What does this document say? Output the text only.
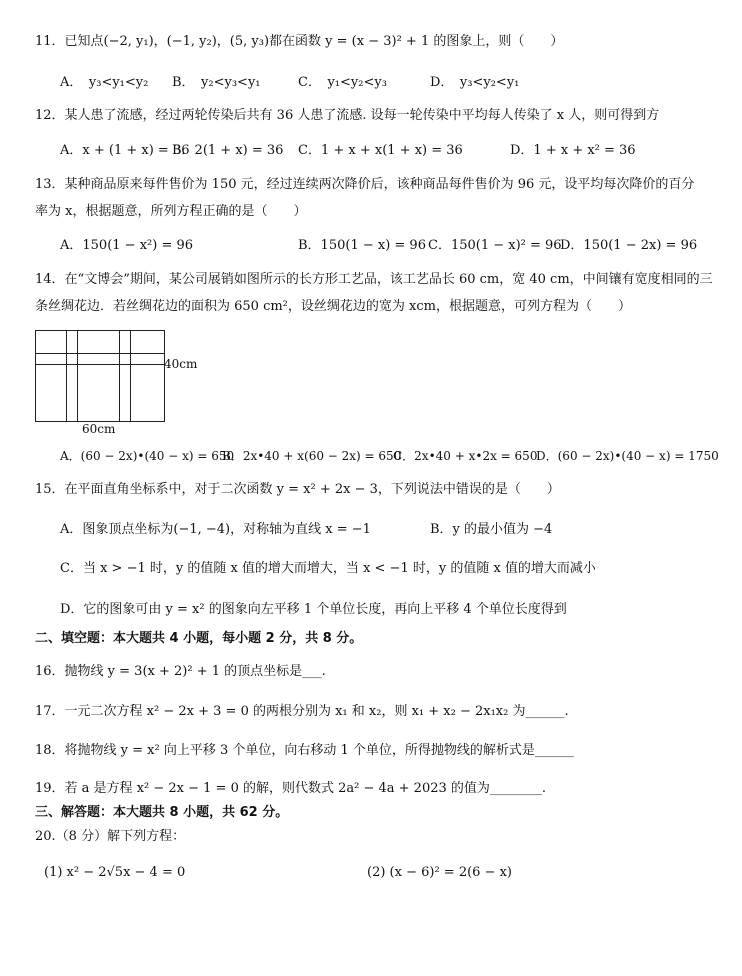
11．已知点(−2, y₁)，(−1, y₂)，(5, y₃)都在函数 y = (x − 3)² + 1 的图象上，则（　　）
A．　y₃<y₁<y₂ B．　y₂<y₃<y₁	C．　y₁<y₂<y₃	D．　y₃<y₂<y₁
12．某人患了流感，经过两轮传染后共有 36 人患了流感. 设每一轮传染中平均每人传染了 x 人，则可得到方
A．x + (1 + x) = 36
B．2(1 + x) = 36 C．1 + x + x(1 + x) = 36	D．1 + x + x² = 36
13．某种商品原来每件售价为 150 元，经过连续两次降价后，该种商品每件售价为 96 元，设平均每次降价的百分
率为 x，根据题意，所列方程正确的是（　　）
A．150(1 − x²) = 96	B．150(1 − x) = 96 C．150(1 − x)² = 96
D．150(1 − 2x) = 96
14．在“文博会”期间，某公司展销如图所示的长方形工艺品，该工艺品长 60 cm，宽 40 cm，中间镶有宽度相同的三
条丝绸花边．若丝绸花边的面积为 650 cm²，设丝绸花边的宽为 xcm，根据题意，可列方程为（　　）
40cm
60cm
A．(60 − 2x)•(40 − x) = 650
B．2x•40 + x(60 − 2x) = 650
C．2x•40 + x•2x = 650
D．(60 − 2x)•(40 − x) = 1750
15．在平面直角坐标系中，对于二次函数 y = x² + 2x − 3，下列说法中错误的是（　　）
A．图象顶点坐标为(−1, −4)，对称轴为直线 x = −1	B．y 的最小值为 −4
C．当 x > −1 时，y 的值随 x 值的增大而增大，当 x < −1 时，y 的值随 x 值的增大而减小
D．它的图象可由 y = x² 的图象向左平移 1 个单位长度，再向上平移 4 个单位长度得到
二、填空题：本大题共 4 小题，每小题 2 分，共 8 分。
16．抛物线 y = 3(x + 2)² + 1 的顶点坐标是___.
17．一元二次方程 x² − 2x + 3 = 0 的两根分别为 x₁ 和 x₂，则 x₁ + x₂ − 2x₁x₂ 为______.
18．将抛物线 y = x² 向上平移 3 个单位，向右移动 1 个单位，所得抛物线的解析式是______
19．若 a 是方程 x² − 2x − 1 = 0 的解，则代数式 2a² − 4a + 2023 的值为________.
三、解答题：本大题共 8 小题，共 62 分。
20.（8 分）解下列方程：
(1) x² − 2√5x − 4 = 0	(2) (x − 6)² = 2(6 − x)
